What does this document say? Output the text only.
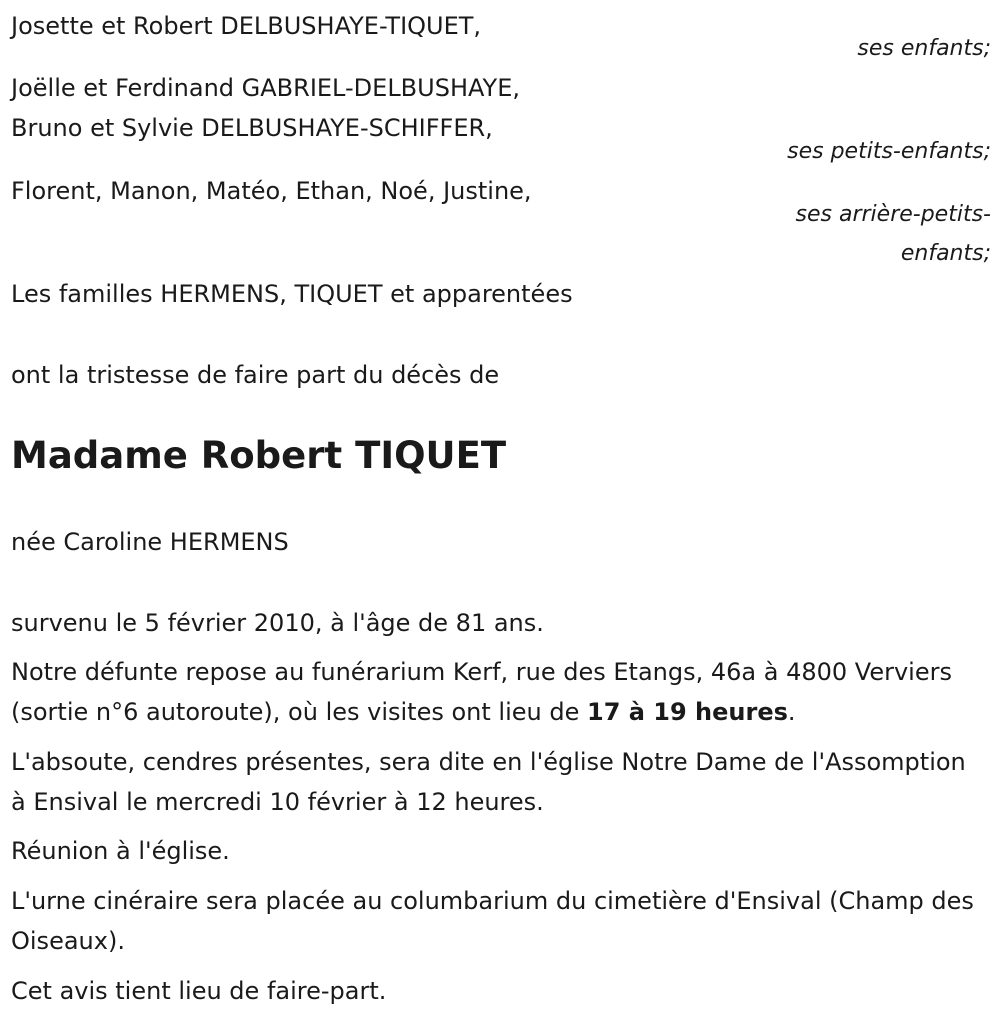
Josette et Robert DELBUSHAYE-TIQUET,
ses enfants;
Joëlle et Ferdinand GABRIEL-DELBUSHAYE,
Bruno et Sylvie DELBUSHAYE-SCHIFFER,
ses petits-enfants;
Florent, Manon, Matéo, Ethan, Noé, Justine,
ses arrière-petits-
enfants;
Les familles HERMENS, TIQUET et apparentées
ont la tristesse de faire part du décès de
Madame Robert TIQUET
née Caroline HERMENS
survenu le 5 février 2010, à l'âge de 81 ans.
Notre défunte repose au funérarium Kerf, rue des Etangs, 46a à 4800 Verviers (sortie n°6 autoroute), où les visites ont lieu de 17 à 19 heures.
L'absoute, cendres présentes, sera dite en l'église Notre Dame de l'Assomption à Ensival le mercredi 10 février à 12 heures.
Réunion à l'église.
L'urne cinéraire sera placée au columbarium du cimetière d'Ensival (Champ des Oiseaux).
Cet avis tient lieu de faire-part.
